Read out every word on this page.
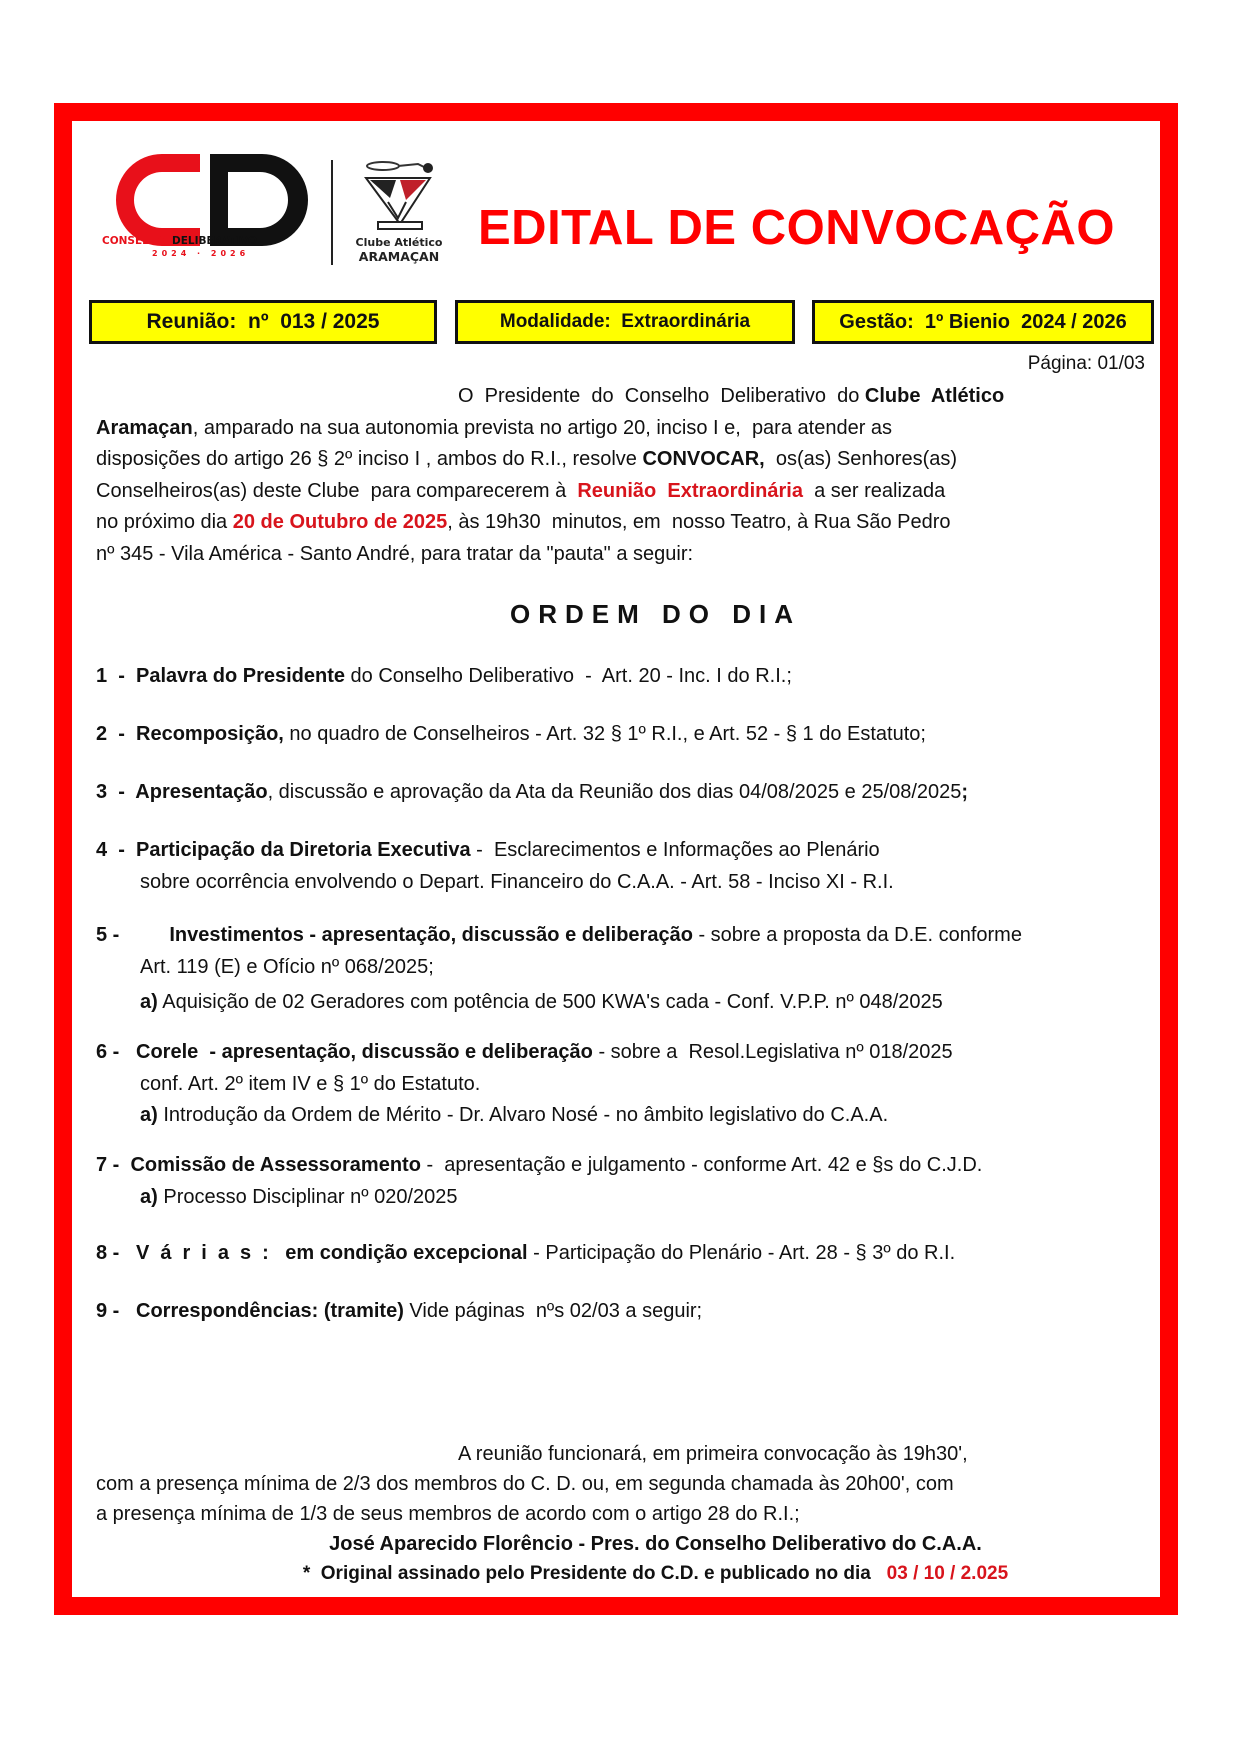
CONSELHO DELIBERATIVO
2024 · 2026
Clube Atlético
ARAMAÇAN
EDITAL DE CONVOCAÇÃO
Reunião:
nº  013 / 2025	Modalidade:
Extraordinária	Gestão:
1º Bienio  2024 / 2026
Página: 01/03
O  Presidente  do  Conselho  Deliberativo  do Clube  Atlético
Aramaçan, amparado na sua autonomia prevista no artigo 20, inciso I e,  para atender as
disposições do artigo 26 § 2º inciso I , ambos do R.I., resolve CONVOCAR,  os(as) Senhores(as)
Conselheiros(as) deste Clube  para comparecerem à  Reunião  Extraordinária  a ser realizada
no próximo dia 20 de Outubro de 2025, às 19h30  minutos, em  nosso Teatro, à Rua São Pedro
nº 345 - Vila América - Santo André, para tratar da "pauta" a seguir:
ORDEM DO DIA
1  -  Palavra do Presidente do Conselho Deliberativo  -  Art. 20 - Inc. I do R.I.;
2  -  Recomposição, no quadro de Conselheiros - Art. 32 § 1º R.I., e Art. 52 - § 1 do Estatuto;
3  -  Apresentação, discussão e aprovação da Ata da Reunião dos dias 04/08/2025 e 25/08/2025;
4  -  Participação da Diretoria Executiva -  Esclarecimentos e Informações ao Plenário
sobre ocorrência envolvendo o Depart. Financeiro do C.A.A. - Art. 58 - Inciso XI - R.I.
5 -         Investimentos - apresentação, discussão e deliberação - sobre a proposta da D.E. conforme
Art. 119 (E) e Ofício nº 068/2025;
a) Aquisição de 02 Geradores com potência de 500 KWA's cada - Conf. V.P.P. nº 048/2025
6 -   Corele  - apresentação, discussão e deliberação - sobre a  Resol.Legislativa nº 018/2025
conf. Art. 2º item IV e § 1º do Estatuto.
a) Introdução da Ordem de Mérito - Dr. Alvaro Nosé - no âmbito legislativo do C.A.A.
7 -  Comissão de Assessoramento -  apresentação e julgamento - conforme Art. 42 e §s do C.J.D.
a) Processo Disciplinar nº 020/2025
8 -   Várias: em condição excepcional - Participação do Plenário - Art. 28 - § 3º do R.I.
9 -   Correspondências: (tramite) Vide páginas  nºs 02/03 a seguir;
A reunião funcionará, em primeira convocação às 19h30',
com a presença mínima de 2/3 dos membros do C. D. ou, em segunda chamada às 20h00', com
a presença mínima de 1/3 de seus membros de acordo com o artigo 28 do R.I.;
José Aparecido Florêncio - Pres. do Conselho Deliberativo do C.A.A.
*  Original assinado pelo Presidente do C.D. e publicado no dia   03 / 10 / 2.025
